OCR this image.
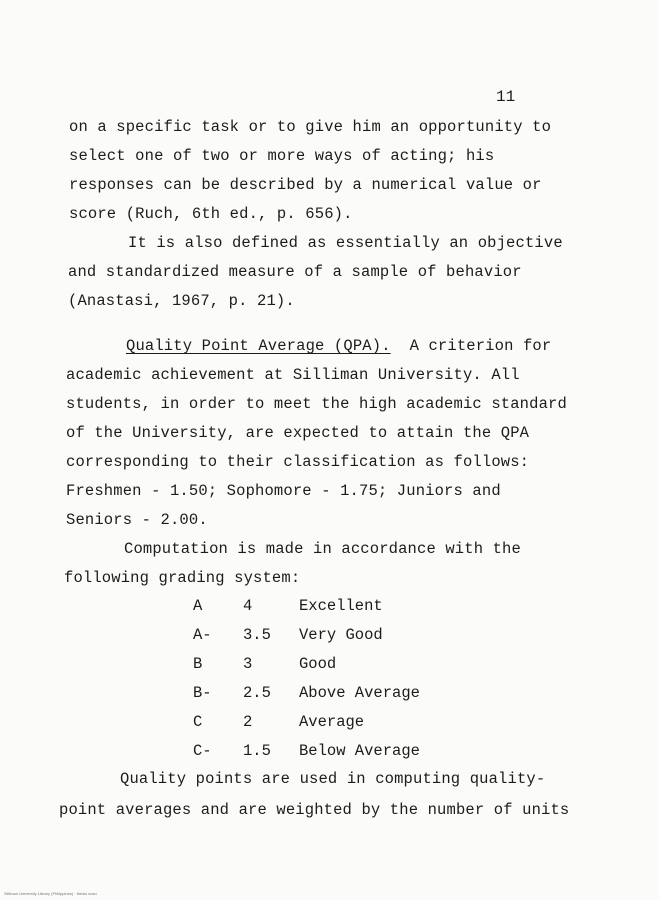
11
on a specific task or to give him an opportunity to
select one of two or more ways of acting; his
responses can be described by a numerical value or
score (Ruch, 6th ed., p. 656).
It is also defined as essentially an objective
and standardized measure of a sample of behavior
(Anastasi, 1967, p. 21).
Quality Point Average (QPA). A criterion for
academic achievement at Silliman University. All
students, in order to meet the high academic standard
of the University, are expected to attain the QPA
corresponding to their classification as follows:
Freshmen - 1.50; Sophomore - 1.75; Juniors and
Seniors - 2.00.
Computation is made in accordance with the
following grading system:
A	4	Excellent
A- 3.5 Very Good
B	3	Good
B- 2.5 Above Average
C	2	Average
C- 1.5 Below Average
Quality points are used in computing quality-
point averages and are weighted by the number of units
Silliman University Library (Philippines) · thesis scan
